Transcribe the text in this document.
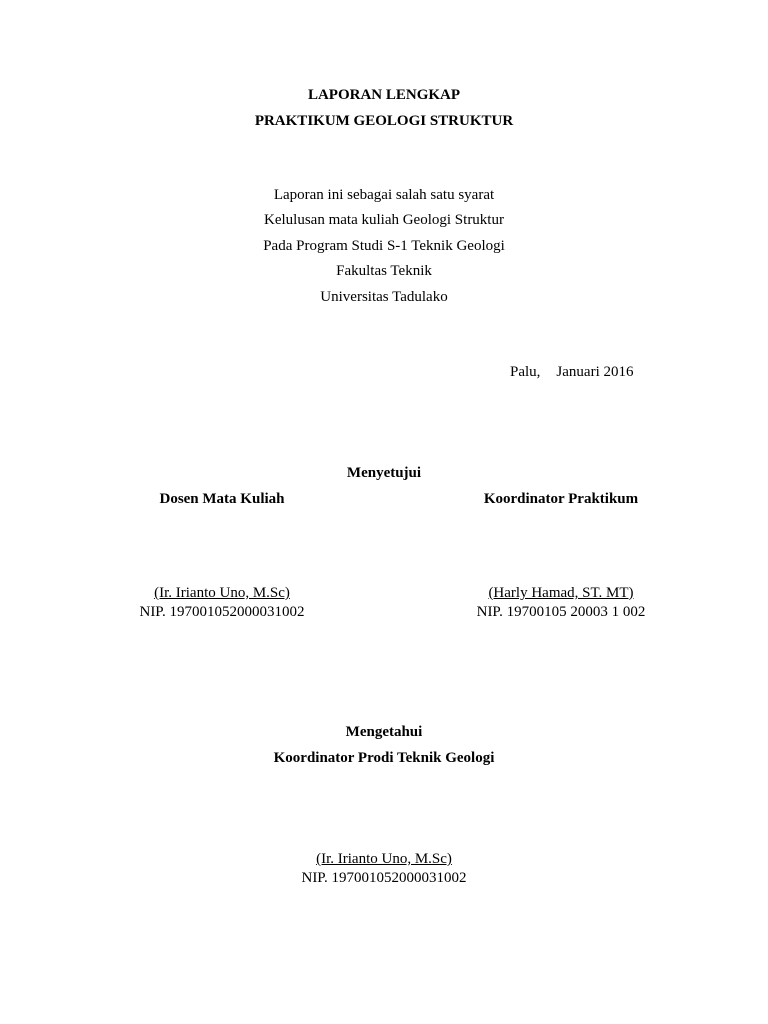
LAPORAN LENGKAP
PRAKTIKUM GEOLOGI STRUKTUR
Laporan ini sebagai salah satu syarat
Kelulusan mata kuliah Geologi Struktur
Pada Program Studi S-1 Teknik Geologi
Fakultas Teknik
Universitas Tadulako
Palu, Januari 2016
Menyetujui
Dosen Mata Kuliah	Koordinator Praktikum
(Ir. Irianto Uno, M.Sc)	(Harly Hamad, ST. MT)
NIP. 197001052000031002	NIP. 19700105 20003 1 002
Mengetahui
Koordinator Prodi Teknik Geologi
(Ir. Irianto Uno, M.Sc)
NIP. 197001052000031002
